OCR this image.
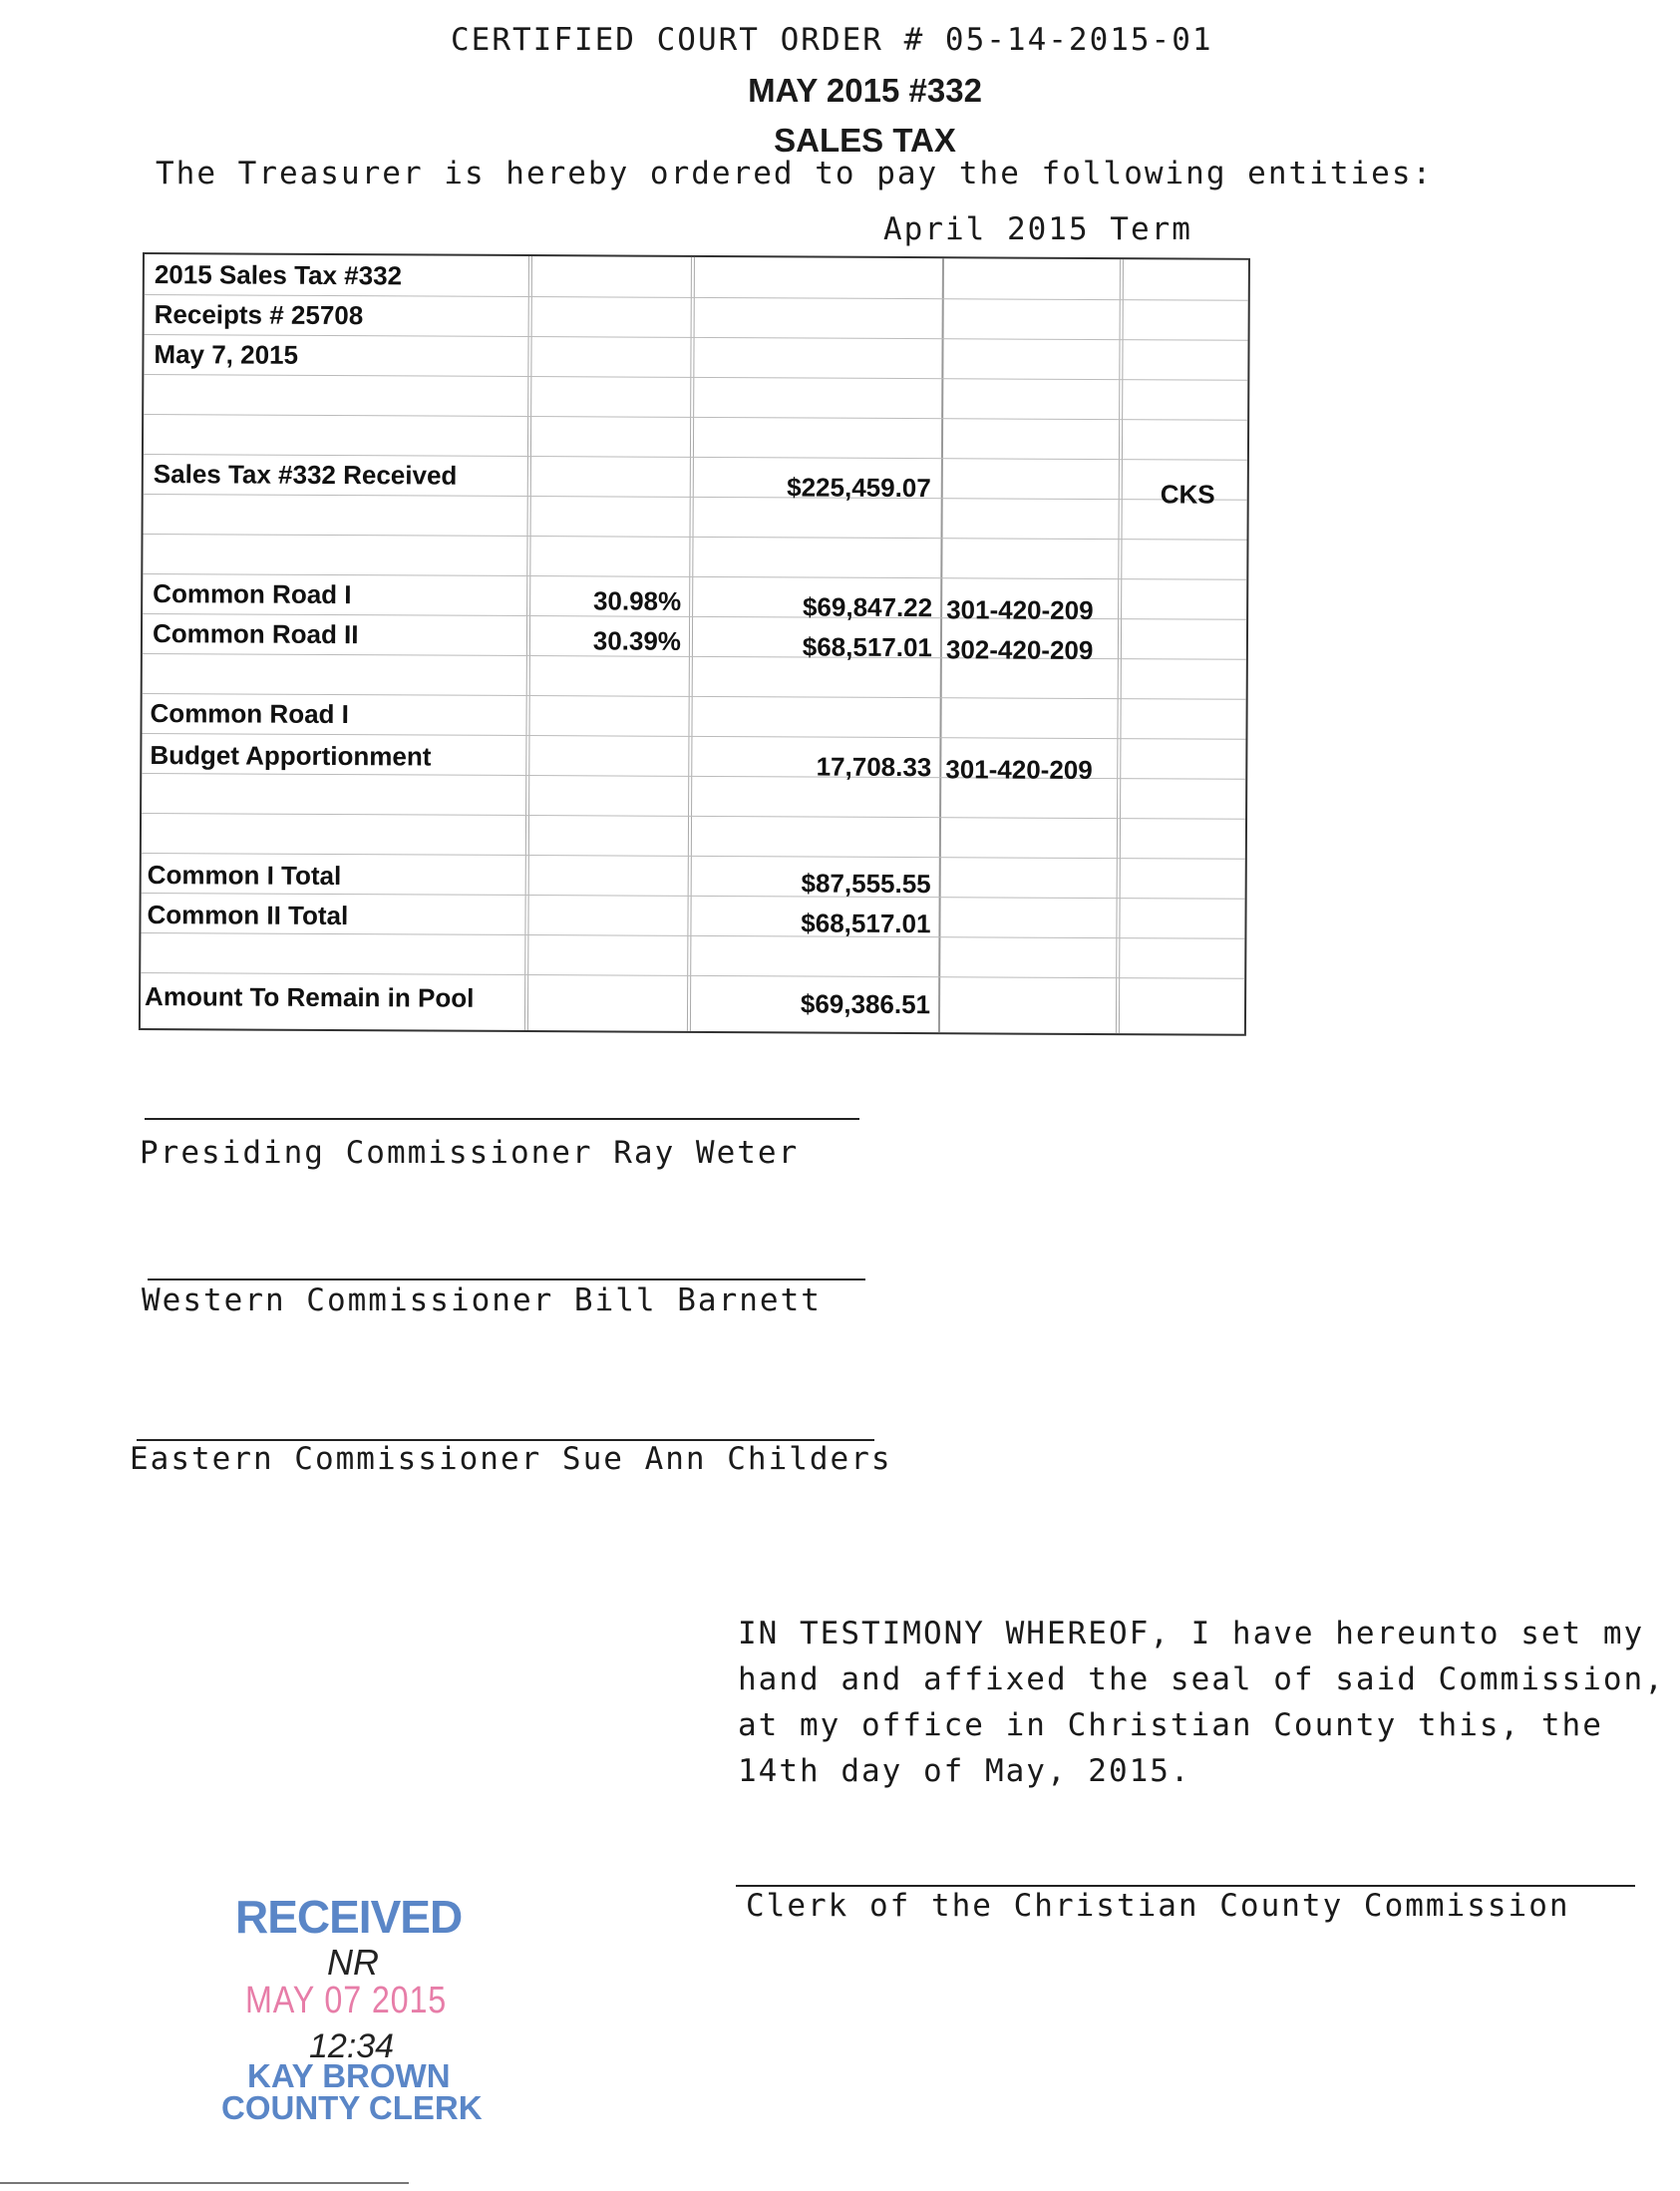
CERTIFIED COURT ORDER # 05-14-2015-01
MAY 2015 #332
SALES TAX
The Treasurer is hereby ordered to pay the following entities:
April 2015 Term
2015 Sales Tax #332
Receipts # 25708
May 7, 2015
Sales Tax #332 Received	$225,459.07	CKS
Common Road I	30.98%	$69,847.22 301-420-209
Common Road II	30.39%	$68,517.01 302-420-209
Common Road I
Budget Apportionment	17,708.33 301-420-209
Common I Total	$87,555.55
Common II Total	$68,517.01
Amount To Remain in Pool	$69,386.51
Presiding Commissioner Ray Weter
Western Commissioner Bill Barnett
Eastern Commissioner Sue Ann Childers
IN TESTIMONY WHEREOF, I have hereunto set my
hand and affixed the seal of said Commission,
at my office in Christian County this, the
14th day of May, 2015.
Clerk of the Christian County Commission
RECEIVED
NR
MAY 07 2015
12:34
KAY BROWN
COUNTY CLERK
